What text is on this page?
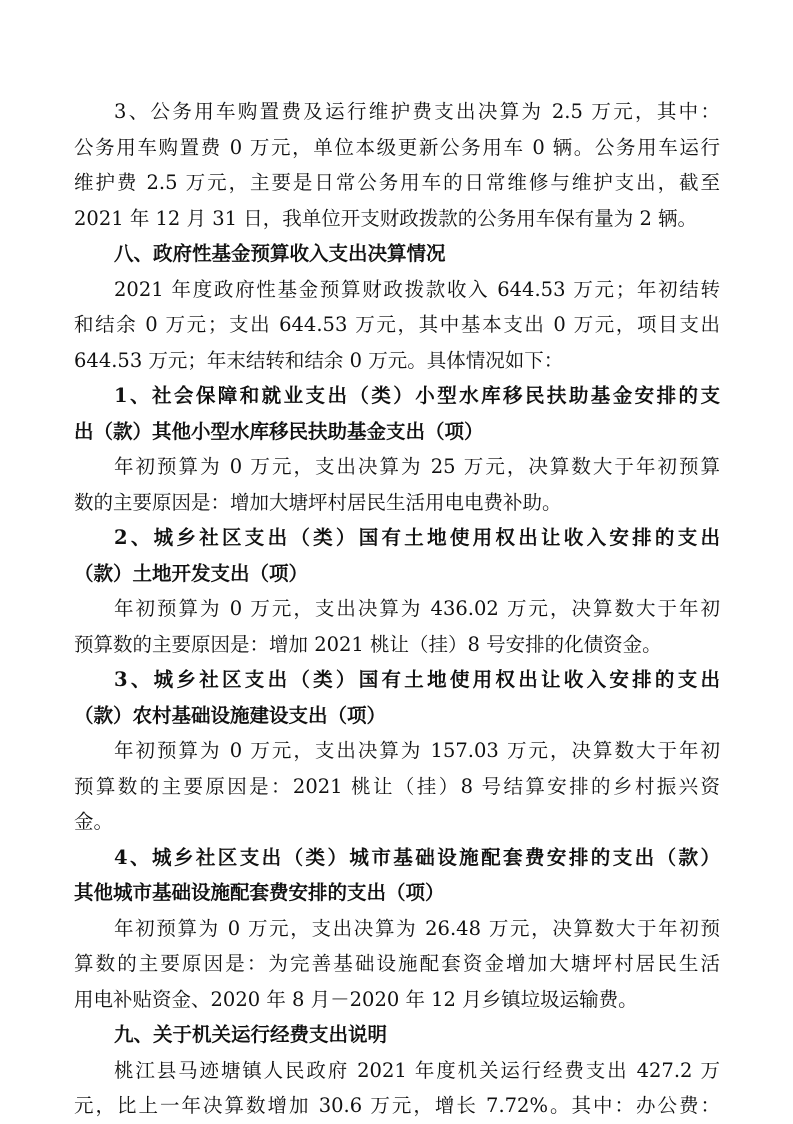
3、公务用车购置费及运行维护费支出决算为 2.5 万元，其中：
公务用车购置费 0 万元，单位本级更新公务用车 0 辆。公务用车运行
维护费 2.5 万元，主要是日常公务用车的日常维修与维护支出，截至
2021 年 12 月 31 日，我单位开支财政拨款的公务用车保有量为 2 辆。
八、政府性基金预算收入支出决算情况
2021 年度政府性基金预算财政拨款收入 644.53 万元；年初结转
和结余 0 万元；支出 644.53 万元，其中基本支出 0 万元，项目支出
644.53 万元；年末结转和结余 0 万元。具体情况如下：
1、社会保障和就业支出（类）小型水库移民扶助基金安排的支
出（款）其他小型水库移民扶助基金支出（项）
年初预算为 0 万元，支出决算为 25 万元，决算数大于年初预算
数的主要原因是：增加大塘坪村居民生活用电电费补助。
2、城乡社区支出（类）国有土地使用权出让收入安排的支出
（款）土地开发支出（项）
年初预算为 0 万元，支出决算为 436.02 万元，决算数大于年初
预算数的主要原因是：增加 2021 桃让（挂）8 号安排的化债资金。
3、城乡社区支出（类）国有土地使用权出让收入安排的支出
（款）农村基础设施建设支出（项）
年初预算为 0 万元，支出决算为 157.03 万元，决算数大于年初
预算数的主要原因是：2021 桃让（挂）8 号结算安排的乡村振兴资
金。
4、城乡社区支出（类）城市基础设施配套费安排的支出（款）
其他城市基础设施配套费安排的支出（项）
年初预算为 0 万元，支出决算为 26.48 万元，决算数大于年初预
算数的主要原因是：为完善基础设施配套资金增加大塘坪村居民生活
用电补贴资金、2020 年 8 月－2020 年 12 月乡镇垃圾运输费。
九、关于机关运行经费支出说明
桃江县马迹塘镇人民政府 2021 年度机关运行经费支出 427.2 万
元，比上一年决算数增加 30.6 万元，增长 7.72%。其中：办公费：
